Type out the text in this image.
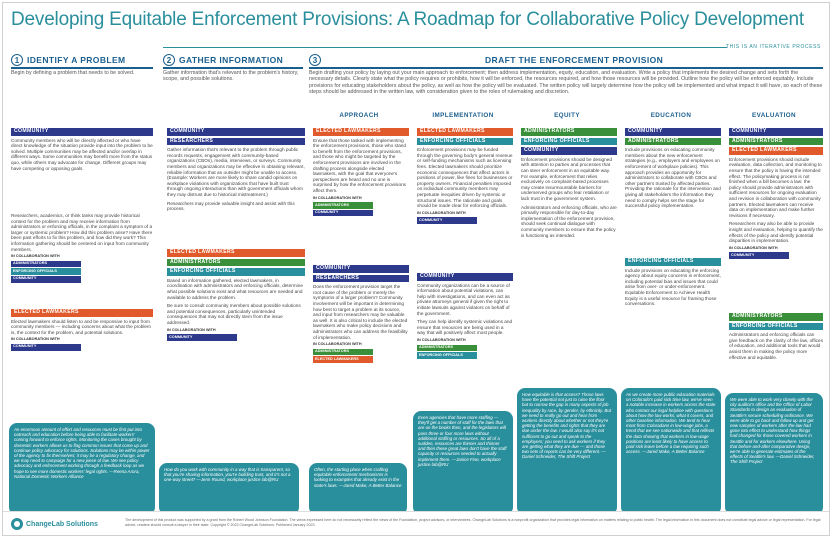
Developing Equitable Enforcement Provisions: A Roadmap for Collaborative Policy Development
THIS IS AN ITERATIVE PROCESS
1 IDENTIFY A PROBLEM	2 GATHER INFORMATION	3	DRAFT THE ENFORCEMENT PROVISION

Begin by defining a problem that needs to be solved.	Gather information that's relevant to the problem's history, scope, and possible solutions.

Begin drafting your policy by laying out your main approach to enforcement; then address implementation, equity, education, and evaluation. Write a policy that implements the desired change and sets forth the necessary details. Clearly state what the policy requires or prohibits, how it will be enforced, the resources required, and how those resources will be provided. Outline how the policy will be enforced equitably. Include provisions for educating stakeholders about the policy, as well as how the policy will be evaluated. The written policy will largely determine how the policy will be implemented and what impact it will have, so each of these steps should be addressed in the written law, with consideration given to the roles of rulemaking and discretion.

APPROACH	IMPLEMENTATION	EQUITY	EDUCATION	EVALUATION
COMMUNITY

Community members who will be directly affected or who have direct knowledge of the situation provide input into the problem to be solved. Multiple communities may be affected and/or overlap in different ways. Some communities may benefit more from the status quo, while others may advocate for change. Different groups may have competing or opposing goals.

Researchers, academics, or think tanks may provide historical context for the problem and may receive information from administrators or enforcing officials, in the complaint a symptom of a larger or systemic problem? How did this problem arise? Have there been past efforts to fix this problem, and how did they work? This information gathering should be centered on input from community members.

IN COLLABORATION WITH
ADMINISTRATORS
ENFORCING OFFICIALS
COMMUNITY
ELECTED LAWMAKERS

Elected lawmakers should listen to and be responsive to input from community members — including concerns about what the problem is, the context for the problem, and potential solutions.

IN COLLABORATION WITH
COMMUNITY
COMMUNITY
RESEARCHERS

Gather information that's relevant to the problem through public records requests, engagement with community-based organizations (CBOs), media, interviews, or surveys. Community members and organizations may be effective in obtaining relevant, reliable information that an outsider might be unable to access. (Example: Workers are more likely to share candid opinions on workplace violations with organizations that have built trust through ongoing interactions than with government officials whom they may distrust due to historical mistreatment.)

Researchers may provide valuable insight and assist with this process.

ELECTED LAWMAKERS
ADMINISTRATORS
ENFORCING OFFICIALS

Based on information gathered, elected lawmakers, in coordination with administrators and enforcing officials, determine what possible solutions exist and what resources are needed and available to address the problem.

Be sure to consult community members about possible solutions and potential consequences, particularly unintended consequences that may not directly stem from the issue addressed.

IN COLLABORATION WITH
COMMUNITY
ELECTED LAWMAKERS

Ensure that those tasked with implementing the enforcement provisions, those who stand to benefit from the enforcement provisions, and those who might be targeted by the enforcement provisions are involved in the drafting process alongside elected lawmakers, with the goal that everyone's perspectives are heard and no one is surprised by how the enforcement provisions affect them.

IN COLLABORATION WITH
ADMINISTRATORS
COMMUNITY
COMMUNITY
RESEARCHERS

Does the enforcement provision target the root cause of the problem or merely the symptoms of a larger problem? Community involvement will be important in determining how best to target a problem at its source, and input from researchers may be valuable as well. It is also critical to include the elected lawmakers who make policy decisions and administrators who can address the feasibility of implementation.

IN COLLABORATION WITH
ADMINISTRATORS
ELECTED LAWMAKERS
ELECTED LAWMAKERS
ENFORCING OFFICIALS

Enforcement provisions may be funded through the governing body's general revenue or self-funding mechanisms such as licensing fees. Elected lawmakers should prioritize economic consequences that affect actors in positions of power, like fines for businesses or property owners. Financial penalties imposed on individual community members may perpetuate inequities driven by systemic or structural issues. The rationale and goals should be made clear for enforcing officials.

IN COLLABORATION WITH
COMMUNITY
COMMUNITY

Community organizations can be a source of information about potential violations, can help with investigations, and can even act as private attorneys general if given the right to initiate lawsuits against violators on behalf of the government.

They can help identify systemic violations and ensure that resources are being used in a way that will positively affect most people.

IN COLLABORATION WITH
ADMINISTRATORS
ENFORCING OFFICIALS
ADMINISTRATORS
ENFORCING OFFICIALS
COMMUNITY

Enforcement provisions should be designed with attention to parties and processes that can steer enforcement in an equitable way. For example, enforcement that relies exclusively on complaint-based processes may create insurmountable barriers for underserved groups who fear retaliation or lack trust in the government system.

Administrators and enforcing officials, who are primarily responsible for day-to-day implementation of the enforcement provision, should seek continual dialogue with community members to ensure that the policy is functioning as intended.

COMMUNITY
ADMINISTRATORS

Include provisions on educating community members about the new enforcement strategies (e.g., employers and employees on enforcement of workplace policies). This approach provides an opportunity for administrators to collaborate with CBOs and other partners trusted by affected parties. Providing the rationale for the intervention and giving all stakeholders the information they need to comply helps set the stage for successful policy implementation.

ENFORCING OFFICIALS

Include provisions on educating the enforcing agency about equity concerns in enforcement, including potential bias and issues that could arise from over- or under-enforcement. Equitable Enforcement to Achieve Health Equity is a useful resource for framing those conversations.

COMMUNITY
ADMINISTRATORS
ELECTED LAWMAKERS

Enforcement provisions should include evaluation, data collection, and monitoring to ensure that the policy is having the intended effect. The policymaking process is not finished when a bill becomes a law: the policy should provide administrators with sufficient resources for ongoing evaluation and revision in collaboration with community partners. Elected lawmakers can receive data on implementation and make further revisions if necessary.

Researchers may also be able to provide insight and evaluation, helping to quantify the effects of the policy and identify potential disparities in implementation.

IN COLLABORATION WITH
COMMUNITY
ADMINISTRATORS
ENFORCING OFFICIALS

Administrators and enforcing officials can give feedback on the clarity of the law, offices of education, and additional tools that would assist them in making the policy more effective and equitable.

An enormous amount of effort and resources must be first put into outreach and education before being able to facilitate workers' coming forward to enforce rights. Monitoring the cases brought by domestic workers allows us to flag common issues that come up and continue policy advocacy for solutions. Solutions may be within power of the agency to fix themselves; it may be a regulatory change, and we may need to campaign for a new piece of law. We see policy advocacy and enforcement working through a feedback loop as we hope to see more domestic workers' legal rights. —Reena Arora, National Domestic Workers Alliance
How do you work with community in a way that is transparent, so that you're sharing information, you're building trust, and it's not a one-way street? —Jenn Round, workplace justice lab@RU
Often, the starting place when crafting equitable enforcement mechanisms is looking to examples that already exist in the state's laws. —Jared Make, A Better Balance
Even agencies that have more staffing — they'll get a number of staff for the laws that are on the books then, and the legislators will pass three or four more laws without additional staffing or resources. So all of a sudden, resources are thinner and thinner and then these great laws don't have the staff capacity or resources needed to actually implement them. —Janice Fine, workplace justice lab@RU
How equitable is that access? Those laws have the potential not just to raise the floor but to narrow the gap in many aspects of job inequality by race, by gender, by ethnicity. But we need to really go out and hear from workers directly about whether or not they're getting the benefits and rights that they are due under the law. I would also say it's not sufficient to go out and speak to the employers; you need to ask workers if they are getting what they are due — and those two sets of reports can be very different. —Daniel Schneider, The Shift Project
As we create more public education materials on Colorado's paid sick time law, we've seen a notable increase in workers across the state who contact our legal helpline with questions about how the law works, what it covers, and other baseline information. We tend to hear most from Coloradans in low-wage jobs, a trend that we see nationwide and that reflects the data showing that workers in low-wage positions are least likely to have access to paid sick leave before a law requiring such access. —Jared Make, A Better Balance
We were able to work very closely with the city auditor's office and the Office of Labor Standards to design an evaluation of Seattle's secure scheduling ordinance. We were able to go back and follow up and get new samples of workers after the law had gone into effect to understand how things had changed for those covered workers in Seattle and for workers elsewhere. Using that before-and-after comparative design, we're able to generate estimates of the effects of Seattle's law. —Daniel Schneider, The Shift Project
ChangeLab Solutions

The development of this product was supported by a grant from the Robert Wood Johnson Foundation. The views expressed here do not necessarily reflect the views of the Foundation, project advisors, or interviewees. ChangeLab Solutions is a nonprofit organization that provides legal information on matters relating to public health. The legal information in this document does not constitute legal advice or legal representation. For legal advice, readers should consult a lawyer in their state. Copyright © 2023 ChangeLab Solutions. Published January 2023.
